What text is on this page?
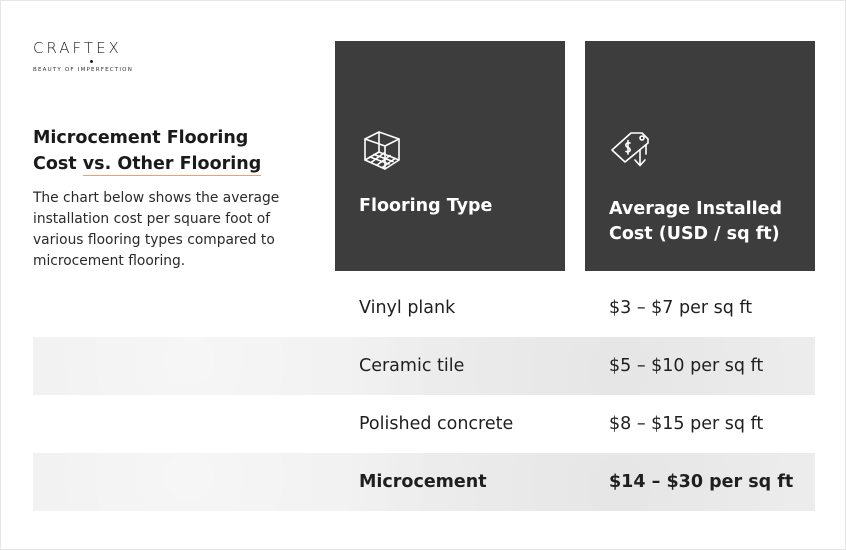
CRAFTEX
BEAUTY OF IMPERFECTION
Microcement Flooring
Cost vs. Other Flooring

The chart below shows the average installation cost per square foot of various flooring types compared to microcement flooring.

Flooring Type	Average Installed
Cost (USD / sq ft)
Vinyl plank	$3 – $7 per sq ft
Ceramic tile	$5 – $10 per sq ft
Polished concrete	$8 – $15 per sq ft
Microcement	$14 – $30 per sq ft
